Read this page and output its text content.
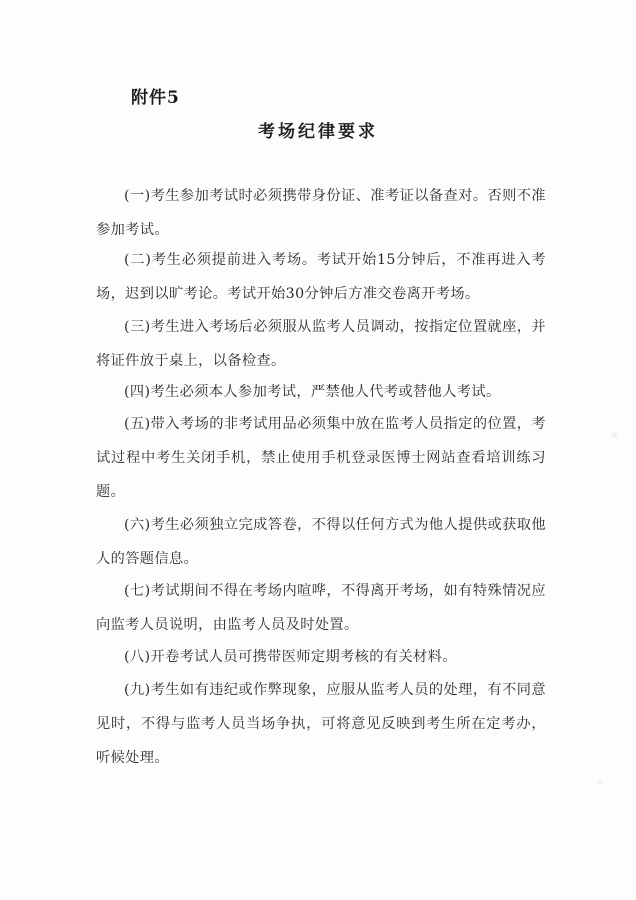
附件5
考场纪律要求
(一)考生参加考试时必须携带身份证、准考证以备查对。否则不准参加考试。
(二)考生必须提前进入考场。考试开始15分钟后，不准再进入考场，迟到以旷考论。考试开始30分钟后方准交卷离开考场。
(三)考生进入考场后必须服从监考人员调动，按指定位置就座，并将证件放于桌上，以备检查。
(四)考生必须本人参加考试，严禁他人代考或替他人考试。
(五)带入考场的非考试用品必须集中放在监考人员指定的位置，考试过程中考生关闭手机，禁止使用手机登录医博士网站查看培训练习题。
(六)考生必须独立完成答卷，不得以任何方式为他人提供或获取他人的答题信息。
(七)考试期间不得在考场内喧哗，不得离开考场，如有特殊情况应向监考人员说明，由监考人员及时处置。
(八)开卷考试人员可携带医师定期考核的有关材料。
(九)考生如有违纪或作弊现象，应服从监考人员的处理，有不同意见时，不得与监考人员当场争执，可将意见反映到考生所在定考办，听候处理。
